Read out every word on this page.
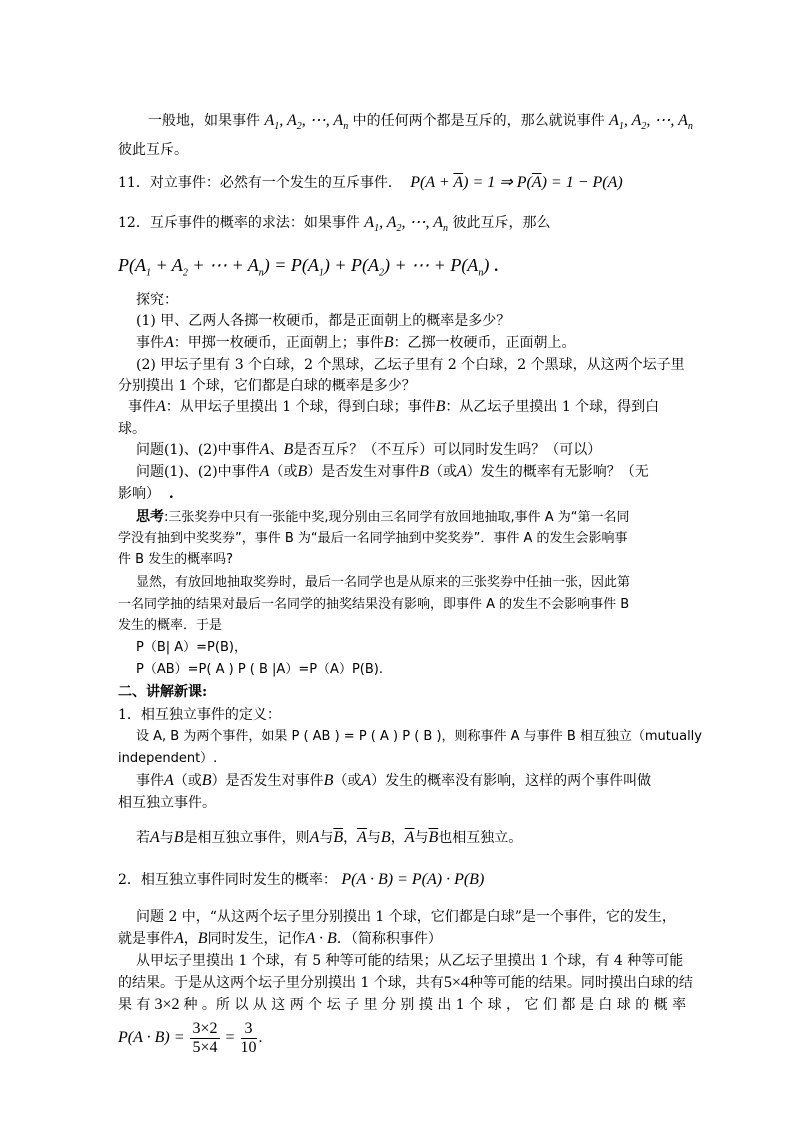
一般地，如果事件 $A_1$, $A_2$, ⋯, $A_n$ 中的任何两个都是互斥的，那么就说事件 $A_1$, $A_2$, ⋯, $A_n$
彼此互斥。
11．对立事件：必然有一个发生的互斥事件．  $P(A + \overline{A}) = 1$ ⇒ $P(\overline{A}) = 1 - P(A)$
12．互斥事件的概率的求法：如果事件 $A_1$, $A_2$, ⋯, $A_n$ 彼此互斥，那么
$P(A_1 + A_2$ + ⋯ + $A_n) = P(A_1) + P(A_2)$ + ⋯ + $P(A_n)$ .
探究：
(1) 甲、乙两人各掷一枚硬币，都是正面朝上的概率是多少？
事件A：甲掷一枚硬币，正面朝上；事件B：乙掷一枚硬币，正面朝上。
(2) 甲坛子里有 3 个白球，2 个黑球，乙坛子里有 2 个白球，2 个黑球，从这两个坛子里
分别摸出 1 个球，它们都是白球的概率是多少？
事件A：从甲坛子里摸出 1 个球，得到白球；事件B：从乙坛子里摸出 1 个球，得到白
球。
问题(1)、(2)中事件A、B是否互斥？（不互斥）可以同时发生吗？（可以）
问题(1)、(2)中事件A（或B）是否发生对事件B（或A）发生的概率有无影响？（无
影响） .
思考:三张奖券中只有一张能中奖,现分别由三名同学有放回地抽取,事件 A 为“第一名同
学没有抽到中奖奖券”，事件 B 为“最后一名同学抽到中奖奖券”．事件 A 的发生会影响事
件 B 发生的概率吗?
显然，有放回地抽取奖券时，最后一名同学也是从原来的三张奖券中任抽一张，因此第
一名同学抽的结果对最后一名同学的抽奖结果没有影响，即事件 A 的发生不会影响事件 B
发生的概率．于是
P（B| A）=P(B)，
P（AB）=P( A ) P ( B |A）=P（A）P(B).
二、讲解新课:
1．相互独立事件的定义：
设 A, B 为两个事件，如果 P ( AB ) = P ( A ) P ( B )，则称事件 A 与事件 B 相互独立（mutually
independent）.
事件A（或B）是否发生对事件B（或A）发生的概率没有影响，这样的两个事件叫做
相互独立事件。
若A与B是相互独立事件，则A与$\overline{B}$，$\overline{A}$与B，$\overline{A}$与$\overline{B}$也相互独立。
2．相互独立事件同时发生的概率： P(A · B) = P(A) · P(B)
问题 2 中，“从这两个坛子里分别摸出 1 个球，它们都是白球”是一个事件，它的发生，
就是事件A，B同时发生，记作A · B．（简称积事件）
从甲坛子里摸出 1 个球，有 5 种等可能的结果；从乙坛子里摸出 1 个球，有 4 种等可能
的结果。于是从这两个坛子里分别摸出 1 个球，共有5×4种等可能的结果。同时摸出白球的结
果 有 3×2 种 。所 以 从 这 两 个 坛 子 里 分 别 摸 出 1 个 球 ， 它 们 都 是 白 球 的 概 率
$P(A \cdot B) = \frac{3\times 2}{5\times 4} = \frac{3}{10}$ .
